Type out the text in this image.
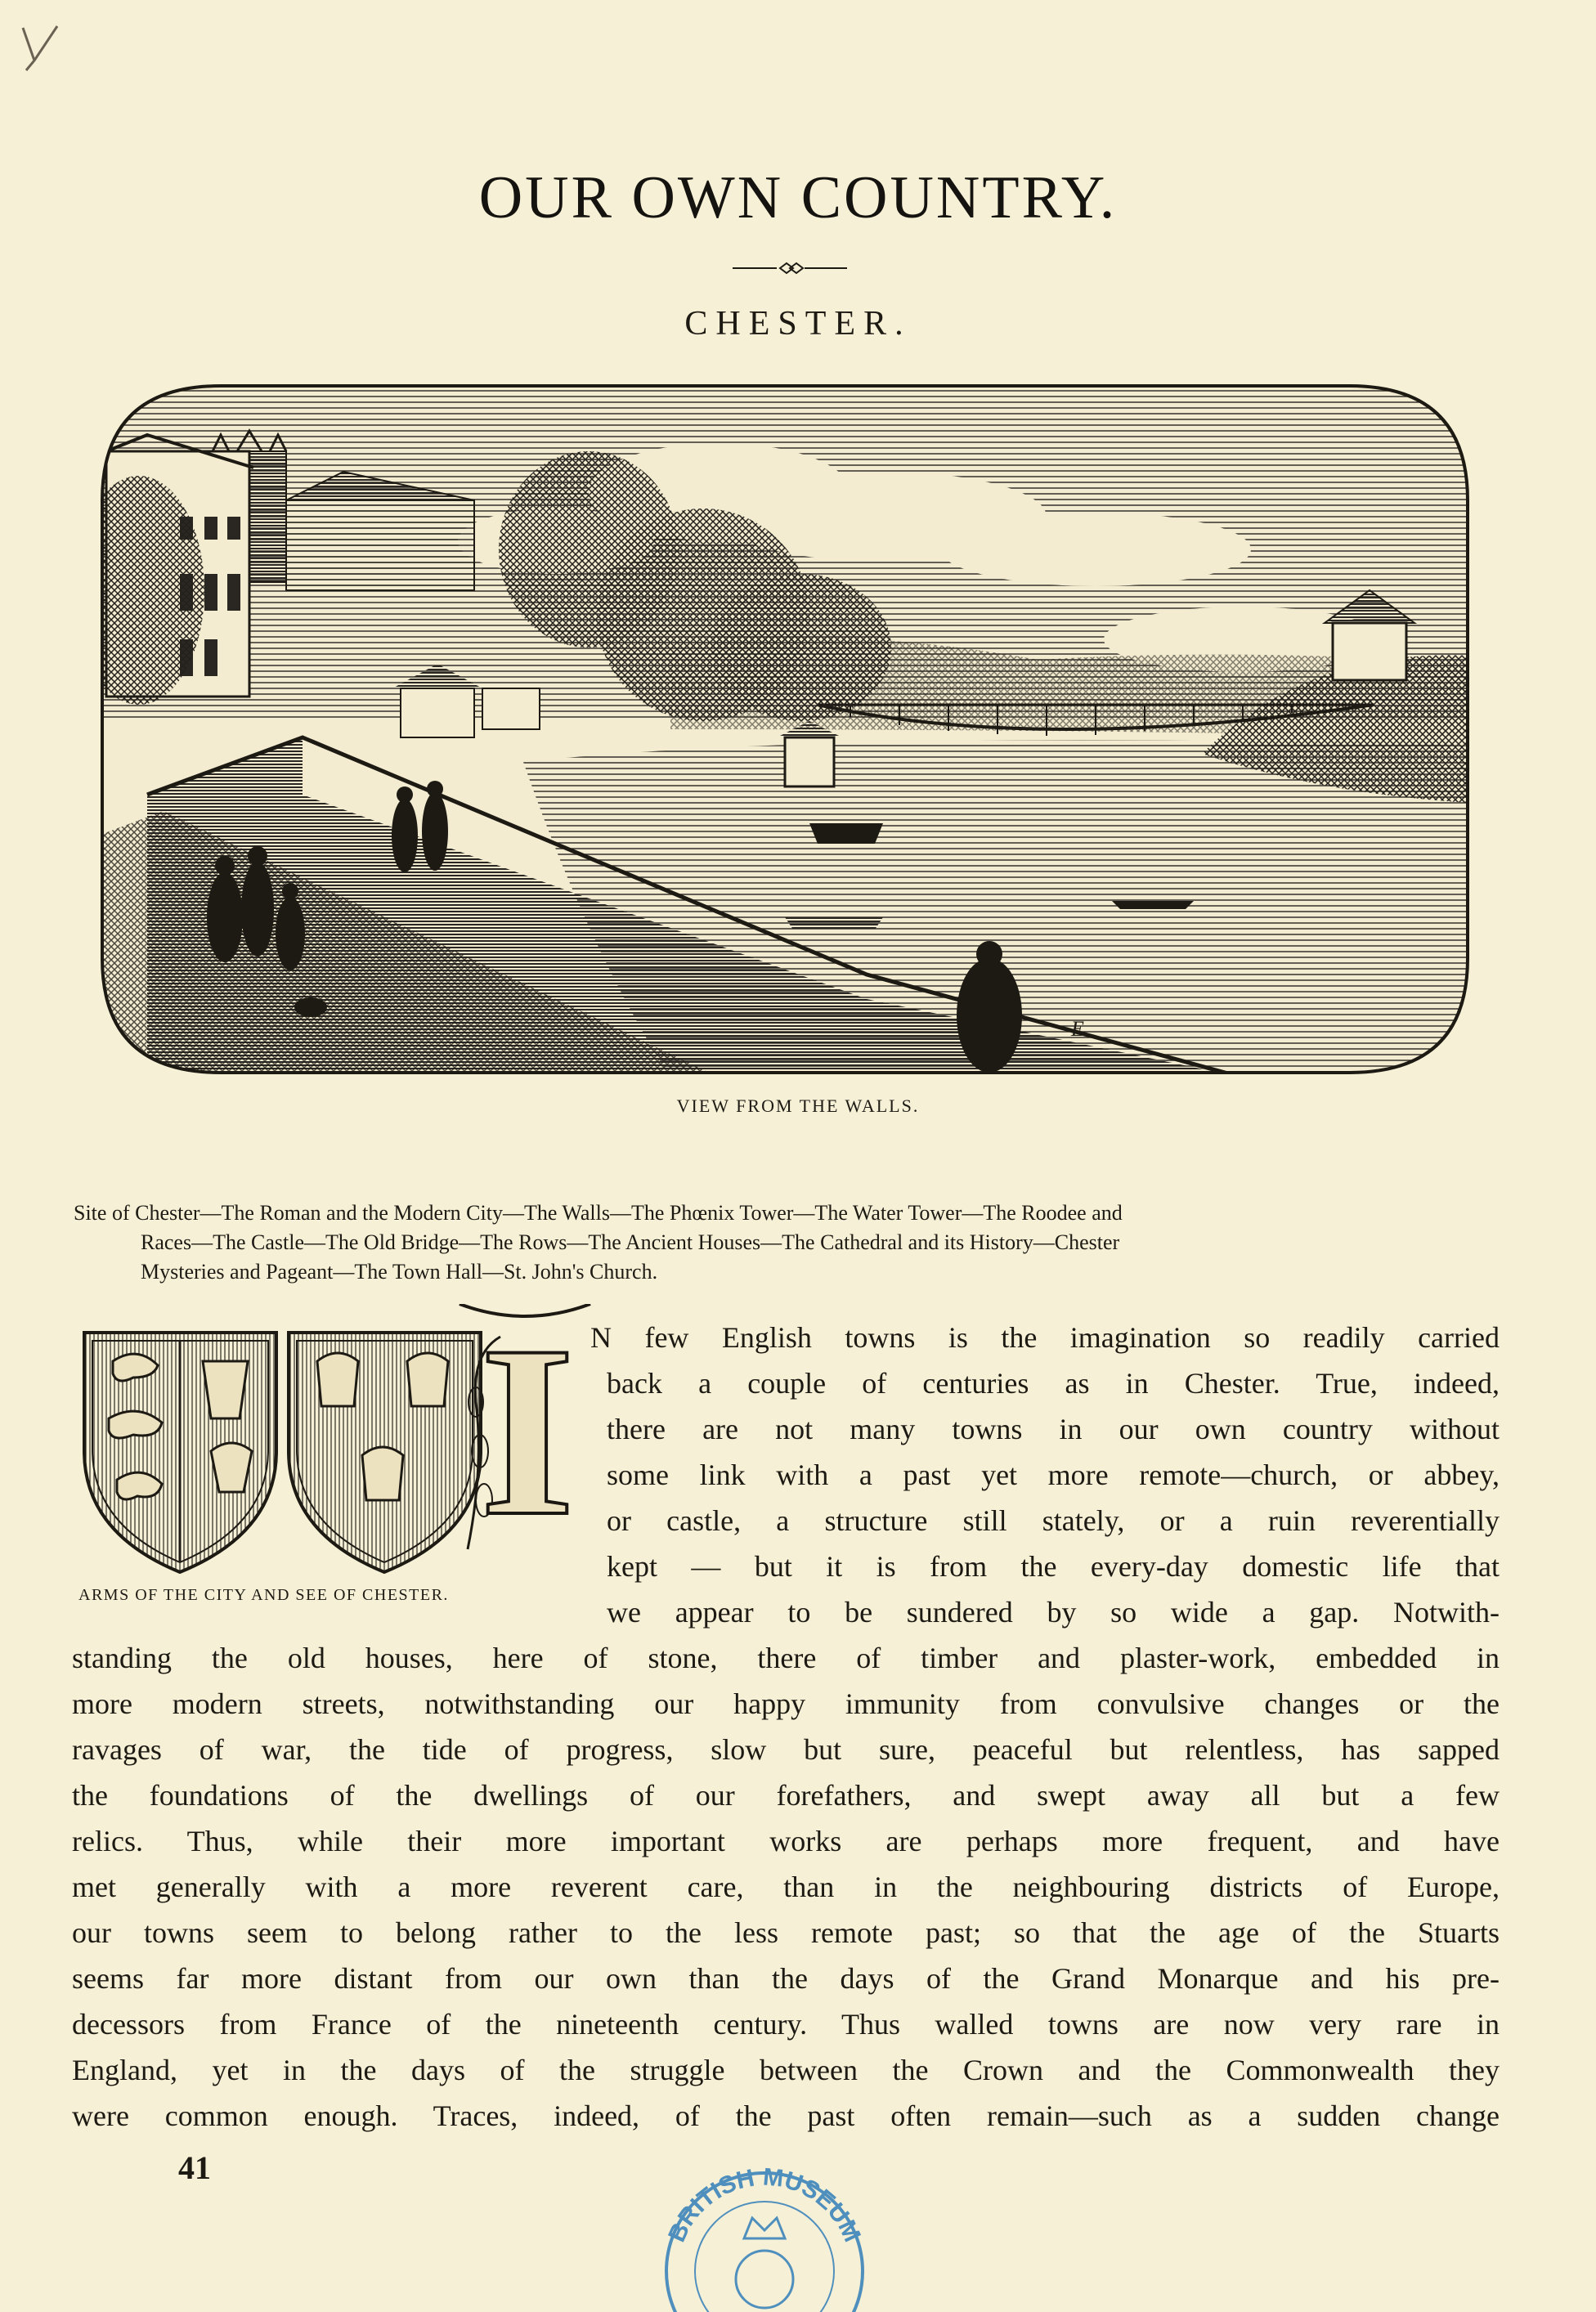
OUR OWN COUNTRY.
CHESTER.
E
VIEW FROM THE WALLS.
Site of Chester—The Roman and the Modern City—The Walls—The Phœnix Tower—The Water Tower—The Roodee and
Races—The Castle—The Old Bridge—The Rows—The Ancient Houses—The Cathedral and its History—Chester
Mysteries and Pageant—The Town Hall—St. John's Church.
ARMS OF THE CITY AND SEE OF CHESTER.
I N few English towns is the imagination so readily carried
back a couple of centuries as in Chester. True, indeed,
there are not many towns in our own country without
some link with a past yet more remote—church, or abbey,
or castle, a structure still stately, or a ruin reverentially
kept — but it is from the every-day domestic life that
we appear to be sundered by so wide a gap. Notwith-
standing the old houses, here of stone, there of timber and plaster-work, embedded in
more modern streets, notwithstanding our happy immunity from convulsive changes or the
ravages of war, the tide of progress, slow but sure, peaceful but relentless, has sapped
the foundations of the dwellings of our forefathers, and swept away all but a few
relics. Thus, while their more important works are perhaps more frequent, and have
met generally with a more reverent care, than in the neighbouring districts of Europe,
our towns seem to belong rather to the less remote past; so that the age of the Stuarts
seems far more distant from our own than the days of the Grand Monarque and his pre-
decessors from France of the nineteenth century. Thus walled towns are now very rare in
England, yet in the days of the struggle between the Crown and the Commonwealth they
were common enough. Traces, indeed, of the past often remain—such as a sudden change
41
BRITISH MUSEUM
